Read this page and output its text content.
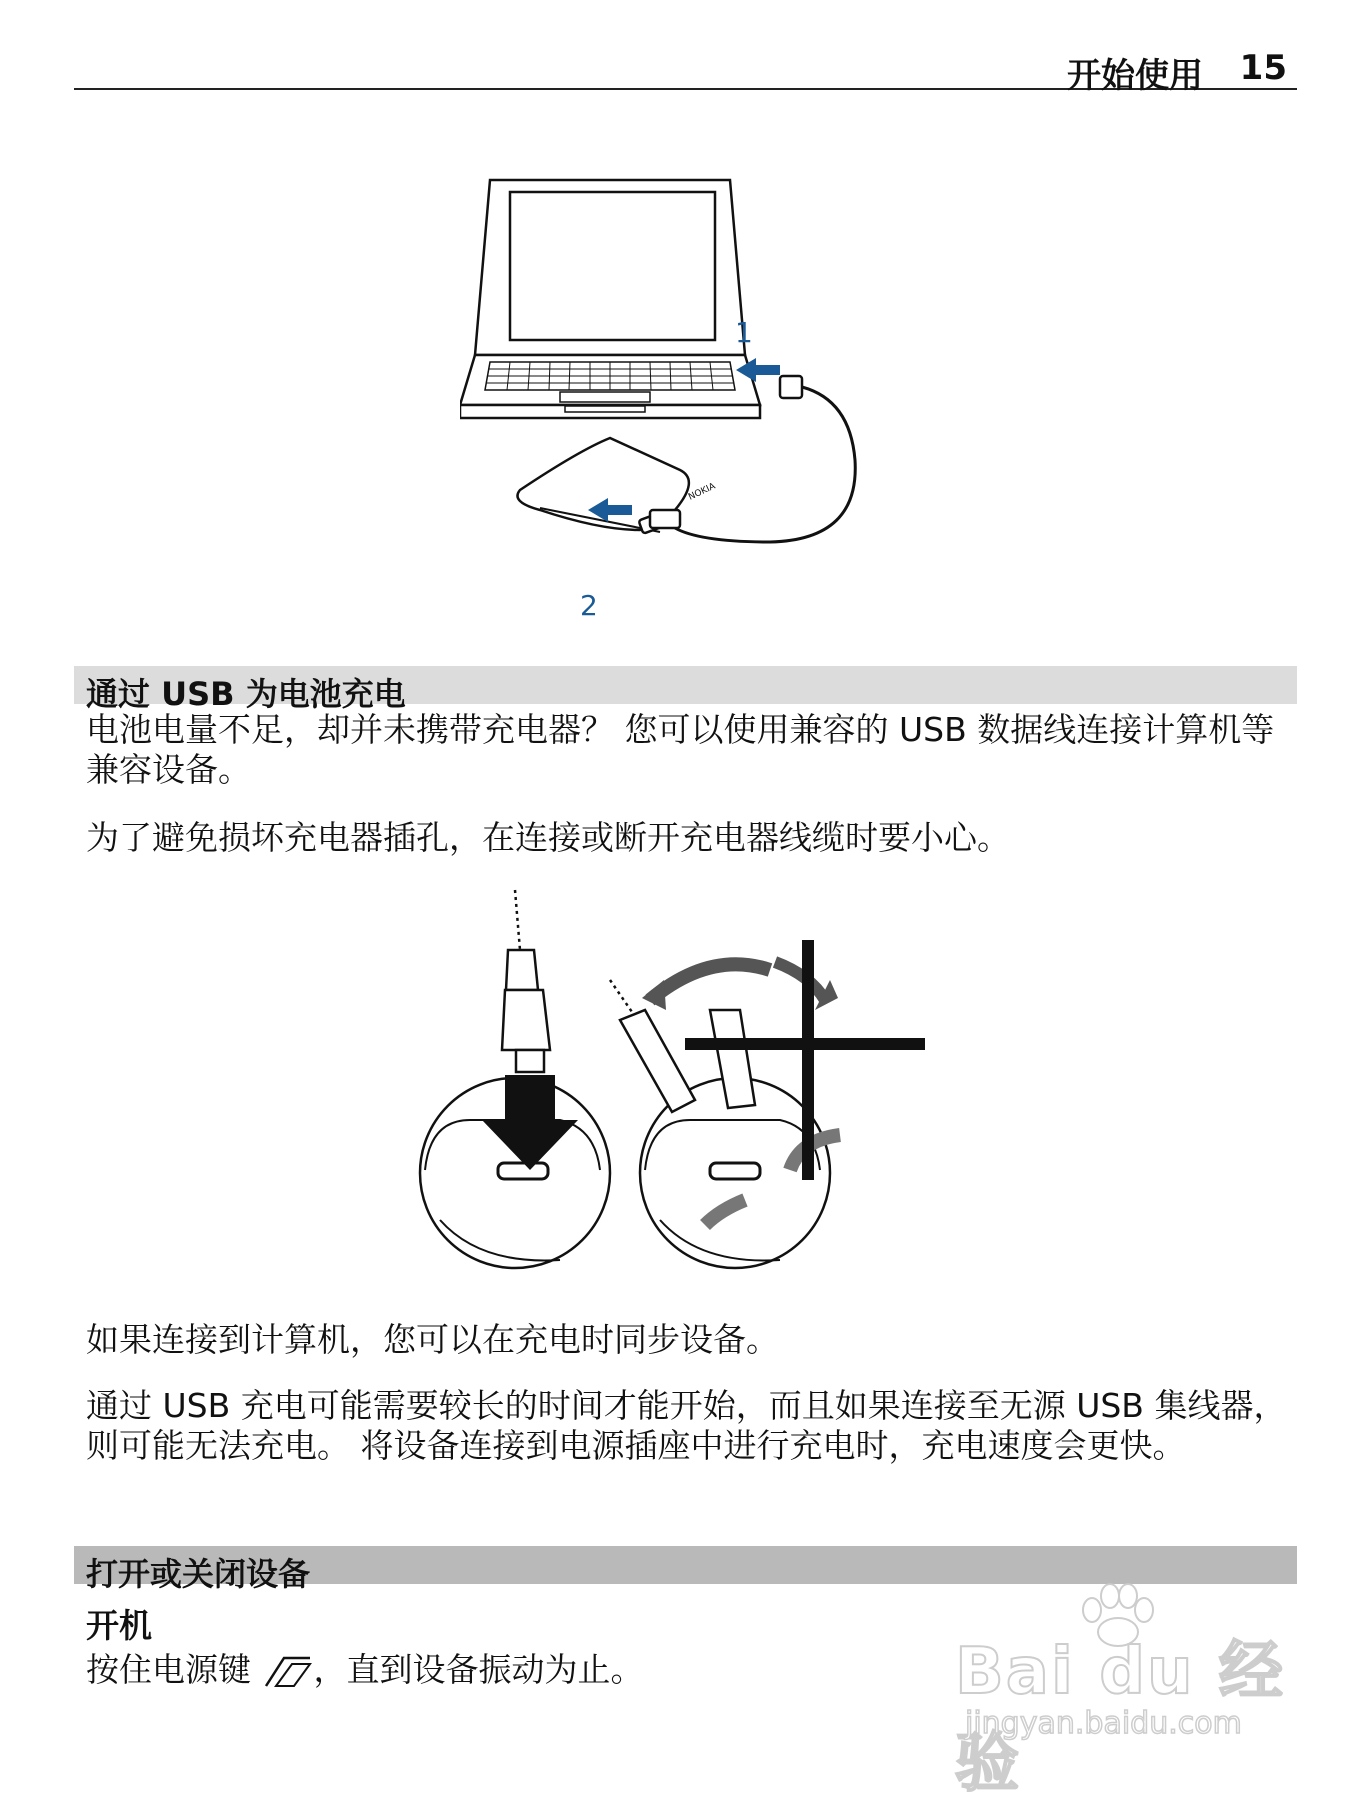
开始使用 15
NOKIA
1
2
通过 USB 为电池充电

电池电量不足，却并未携带充电器？ 您可以使用兼容的 USB 数据线连接计算机等兼容设备。

为了避免损坏充电器插孔，在连接或断开充电器线缆时要小心。

如果连接到计算机，您可以在充电时同步设备。

通过 USB 充电可能需要较长的时间才能开始，而且如果连接至无源 USB 集线器，则可能无法充电。 将设备连接到电源插座中进行充电时，充电速度会更快。

打开或关闭设备
开机

按住电源键 ，直到设备振动为止。	Bai du 经验
jingyan.baidu.com
